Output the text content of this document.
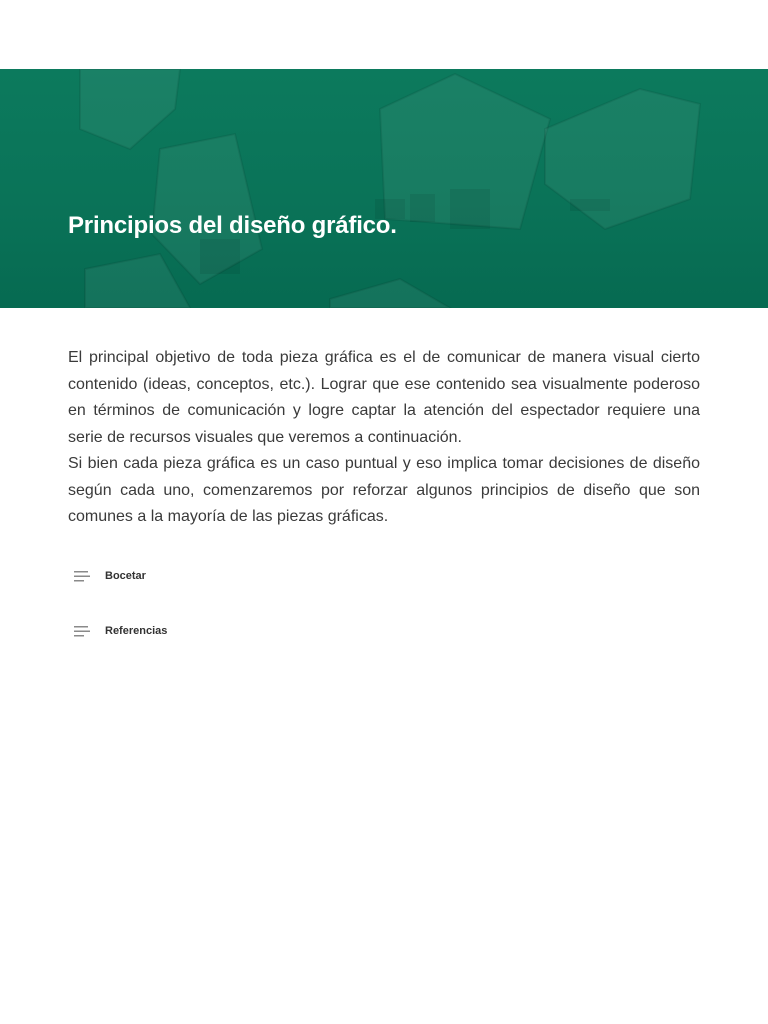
Principios del diseño gráfico.

El principal objetivo de toda pieza gráfica es el de comunicar de manera visual cierto contenido (ideas, conceptos, etc.). Lograr que ese contenido sea visualmente poderoso en términos de comunicación y logre captar la atención del espectador requiere una serie de recursos visuales que veremos a continuación.

Si bien cada pieza gráfica es un caso puntual y eso implica tomar decisiones de diseño según cada uno, comenzaremos por reforzar algunos principios de diseño que son comunes a la mayoría de las piezas gráficas.

Bocetar
Referencias
